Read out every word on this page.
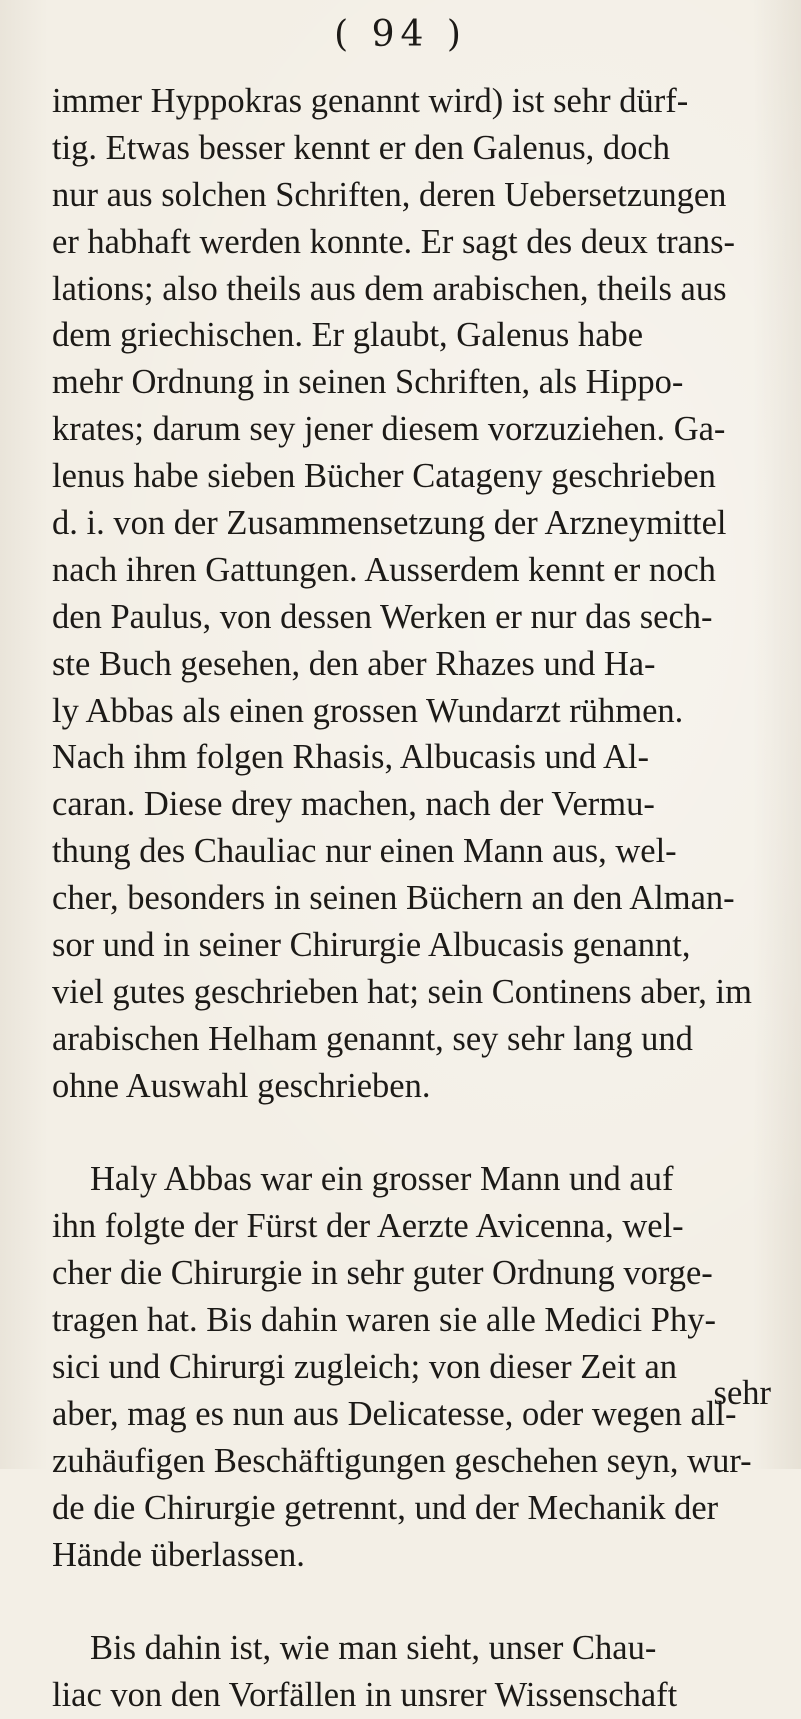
( 94 )
immer Hyppokras genannt wird) ist sehr dürf-
tig. Etwas besser kennt er den Galenus, doch
nur aus solchen Schriften, deren Uebersetzungen
er habhaft werden konnte. Er sagt des deux trans-
lations; also theils aus dem arabischen, theils aus
dem griechischen. Er glaubt, Galenus habe
mehr Ordnung in seinen Schriften, als Hippo-
krates; darum sey jener diesem vorzuziehen. Ga-
lenus habe sieben Bücher Catageny geschrieben
d. i. von der Zusammensetzung der Arzneymittel
nach ihren Gattungen. Ausserdem kennt er noch
den Paulus, von dessen Werken er nur das sech-
ste Buch gesehen, den aber Rhazes und Ha-
ly Abbas als einen grossen Wundarzt rühmen.
Nach ihm folgen Rhasis, Albucasis und Al-
caran. Diese drey machen, nach der Vermu-
thung des Chauliac nur einen Mann aus, wel-
cher, besonders in seinen Büchern an den Alman-
sor und in seiner Chirurgie Albucasis genannt,
viel gutes geschrieben hat; sein Continens aber, im
arabischen Helham genannt, sey sehr lang und
ohne Auswahl geschrieben.
Haly Abbas war ein grosser Mann und auf
ihn folgte der Fürst der Aerzte Avicenna, wel-
cher die Chirurgie in sehr guter Ordnung vorge-
tragen hat. Bis dahin waren sie alle Medici Phy-
sici und Chirurgi zugleich; von dieser Zeit an
aber, mag es nun aus Delicatesse, oder wegen all-
zuhäufigen Beschäftigungen geschehen seyn, wur-
de die Chirurgie getrennt, und der Mechanik der
Hände überlassen.
Bis dahin ist, wie man sieht, unser Chau-
liac von den Vorfällen in unsrer Wissenschaft
sehr
